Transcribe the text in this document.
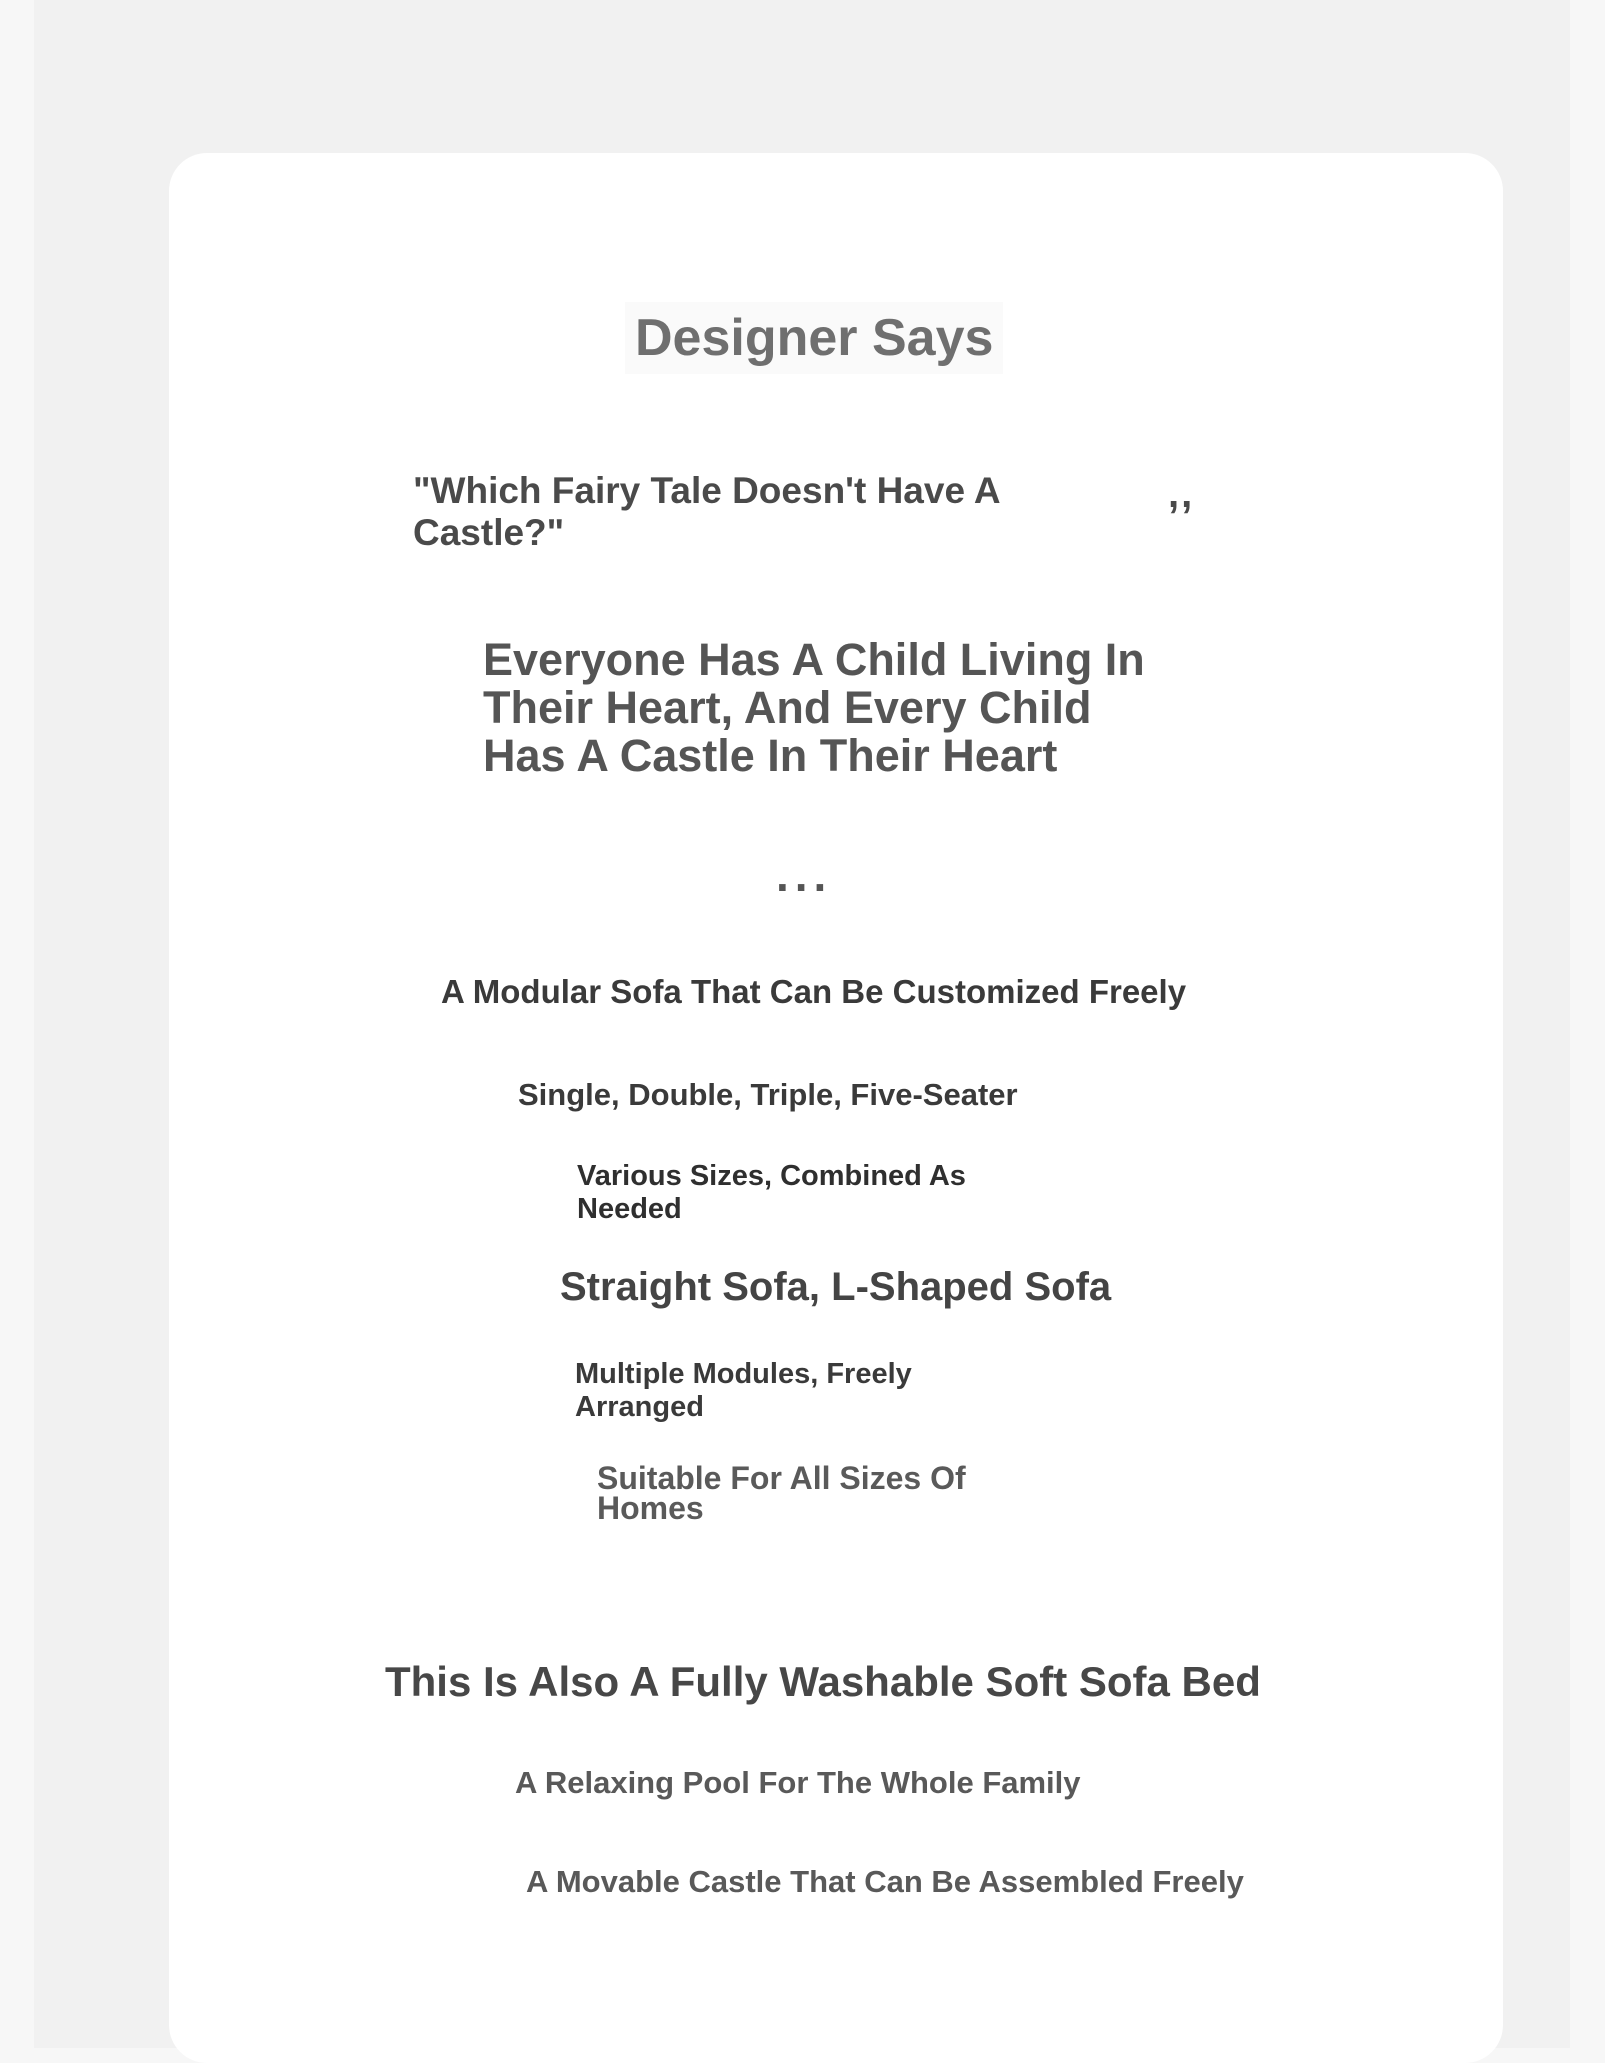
Designer Says

"Which Fairy Tale Doesn't Have A Castle?"

,,

Everyone Has A Child Living In Their Heart, And Every Child Has A Castle In Their Heart

...

A Modular Sofa That Can Be Customized Freely

Single, Double, Triple, Five-Seater

Various Sizes, Combined As Needed

Straight Sofa, L-Shaped Sofa

Multiple Modules, Freely Arranged

Suitable For All Sizes Of Homes

This Is Also A Fully Washable Soft Sofa Bed

A Relaxing Pool For The Whole Family

A Movable Castle That Can Be Assembled Freely
